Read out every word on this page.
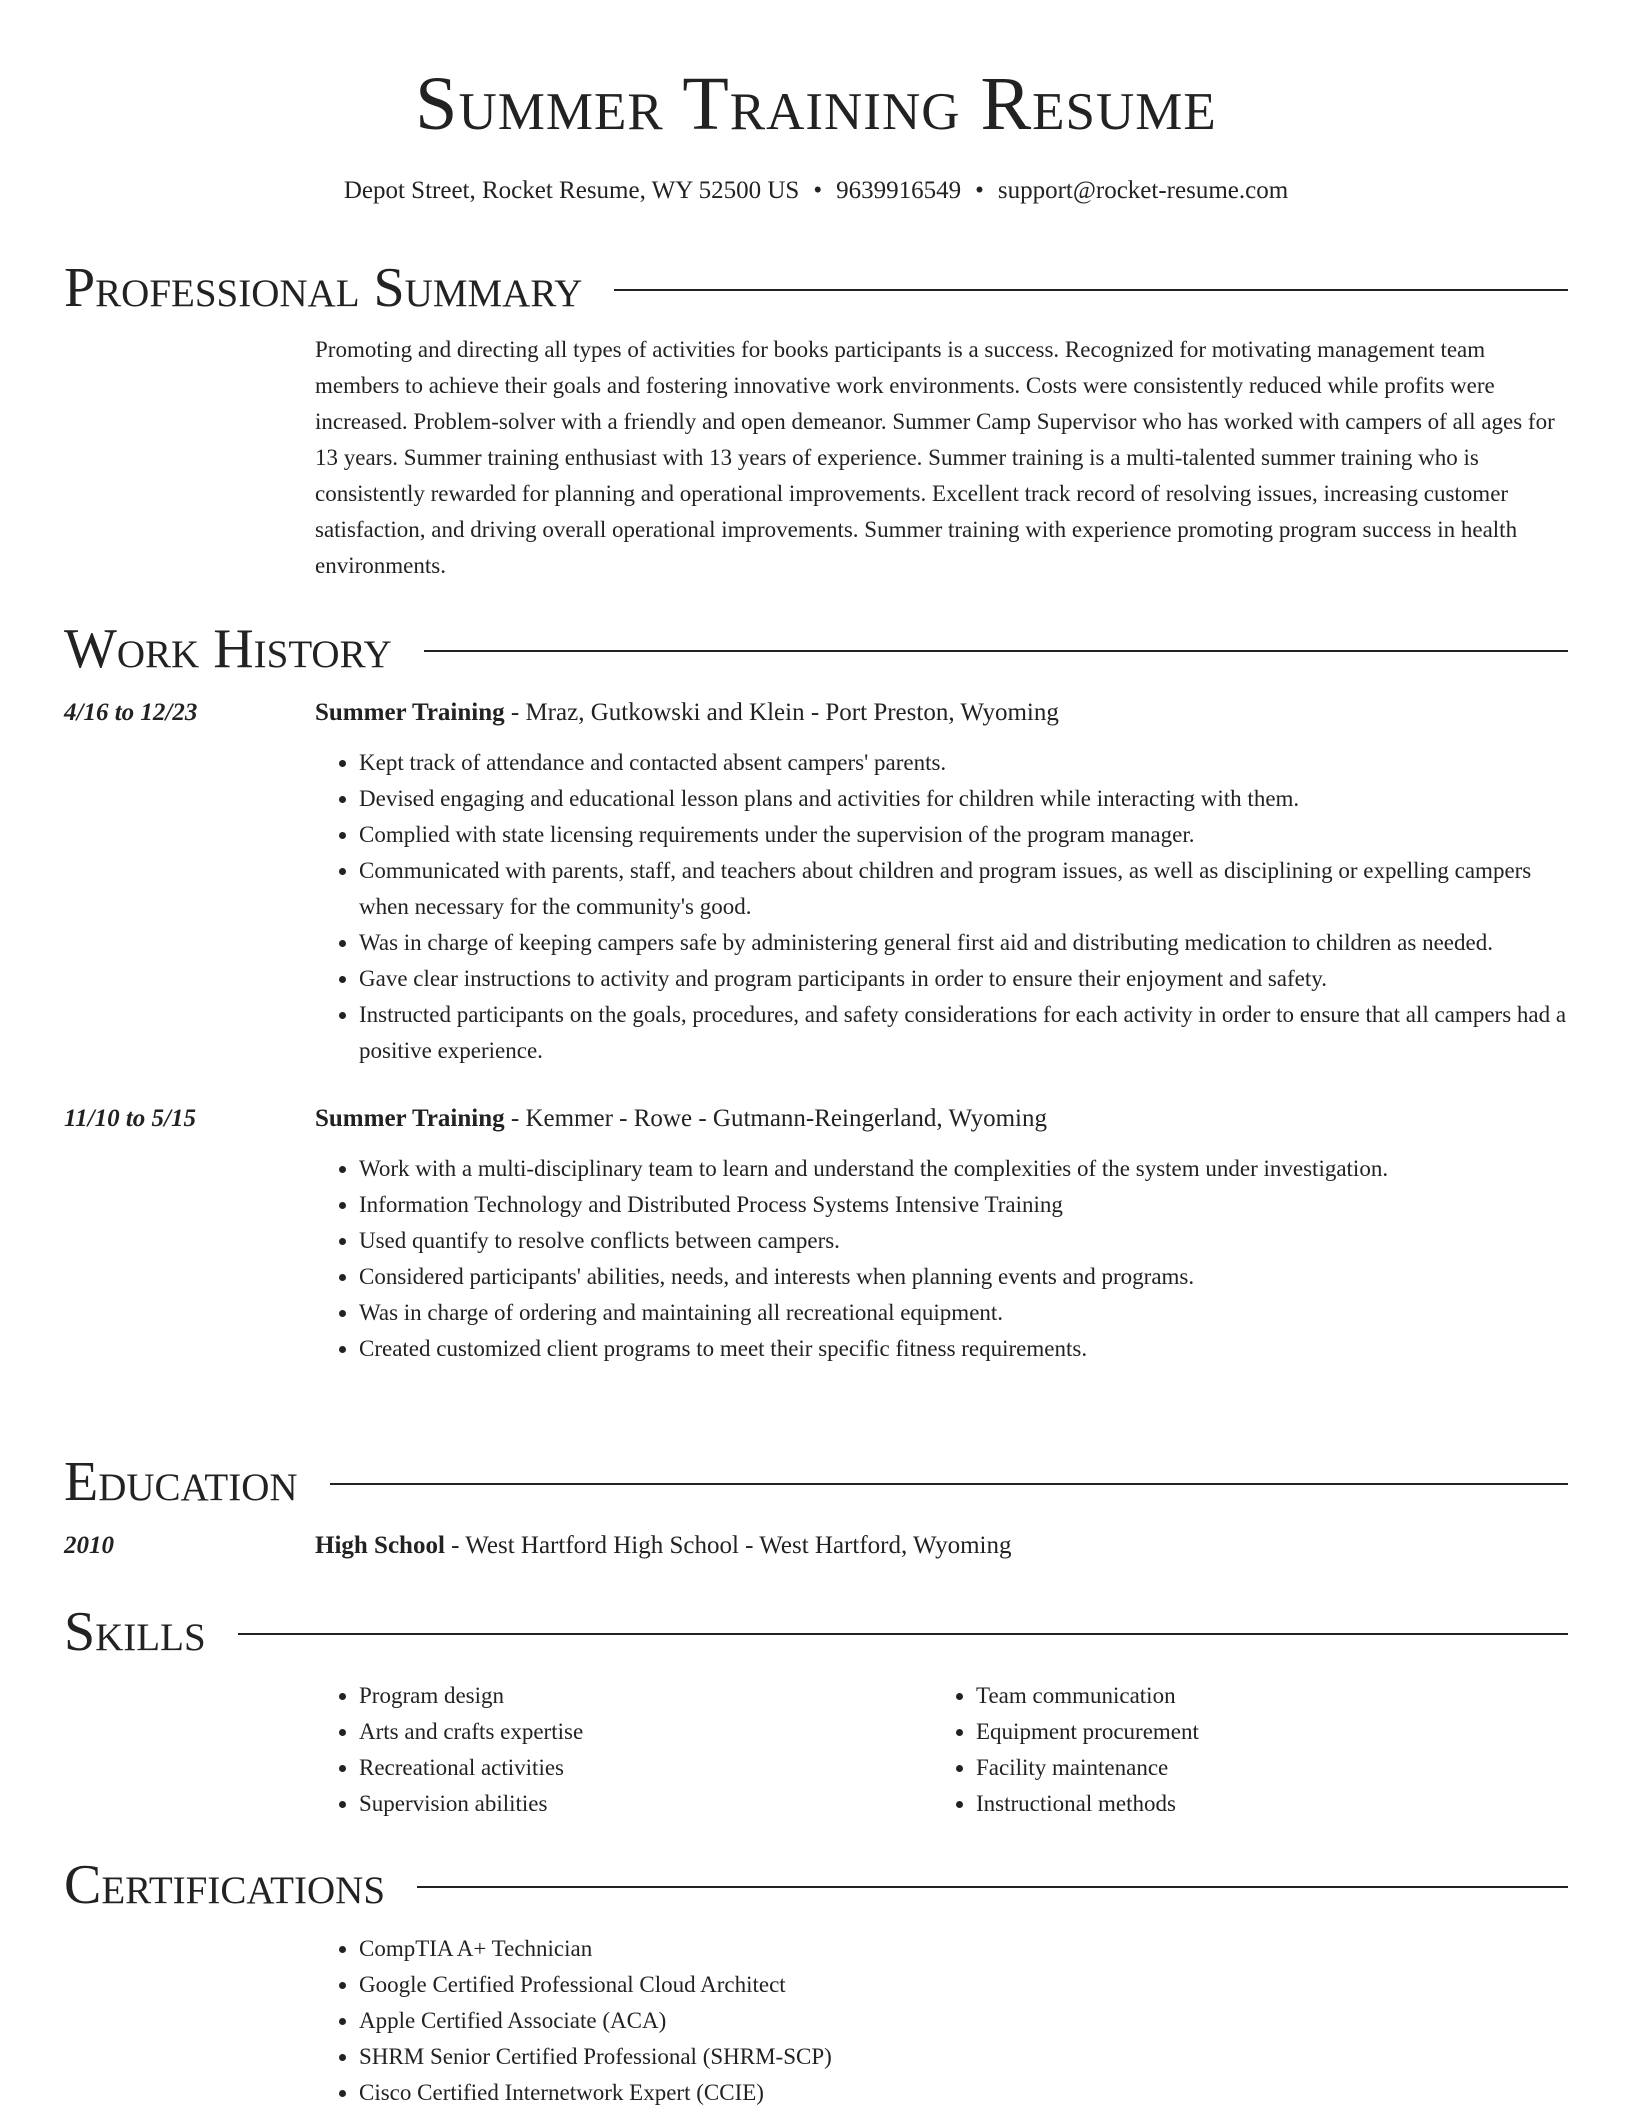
Summer Training Resume
Depot Street, Rocket Resume, WY 52500 US • 9639916549 • support@rocket-resume.com
Professional Summary
Promoting and directing all types of activities for books participants is a success. Recognized for motivating management team members to achieve their goals and fostering innovative work environments. Costs were consistently reduced while profits were increased. Problem-solver with a friendly and open demeanor. Summer Camp Supervisor who has worked with campers of all ages for 13 years. Summer training enthusiast with 13 years of experience. Summer training is a multi-talented summer training who is consistently rewarded for planning and operational improvements. Excellent track record of resolving issues, increasing customer satisfaction, and driving overall operational improvements. Summer training with experience promoting program success in health environments.
Work History
4/16 to 12/23	Summer Training - Mraz, Gutkowski and Klein - Port Preston, Wyoming
• Kept track of attendance and contacted absent campers' parents.
• Devised engaging and educational lesson plans and activities for children while interacting with them.
• Complied with state licensing requirements under the supervision of the program manager.
• Communicated with parents, staff, and teachers about children and program issues, as well as disciplining or expelling campers when necessary for the community's good.
• Was in charge of keeping campers safe by administering general first aid and distributing medication to children as needed.
• Gave clear instructions to activity and program participants in order to ensure their enjoyment and safety.
• Instructed participants on the goals, procedures, and safety considerations for each activity in order to ensure that all campers had a positive experience.
11/10 to 5/15	Summer Training - Kemmer - Rowe - Gutmann-Reingerland, Wyoming
• Work with a multi-disciplinary team to learn and understand the complexities of the system under investigation.
• Information Technology and Distributed Process Systems Intensive Training
• Used quantify to resolve conflicts between campers.
• Considered participants' abilities, needs, and interests when planning events and programs.
• Was in charge of ordering and maintaining all recreational equipment.
• Created customized client programs to meet their specific fitness requirements.
Education
2010	High School - West Hartford High School - West Hartford, Wyoming
Skills
• Program design
• Arts and crafts expertise
• Recreational activities
• Supervision abilities
• Team communication
• Equipment procurement
• Facility maintenance
• Instructional methods
Certifications
• CompTIA A+ Technician
• Google Certified Professional Cloud Architect
• Apple Certified Associate (ACA)
• SHRM Senior Certified Professional (SHRM-SCP)
• Cisco Certified Internetwork Expert (CCIE)
